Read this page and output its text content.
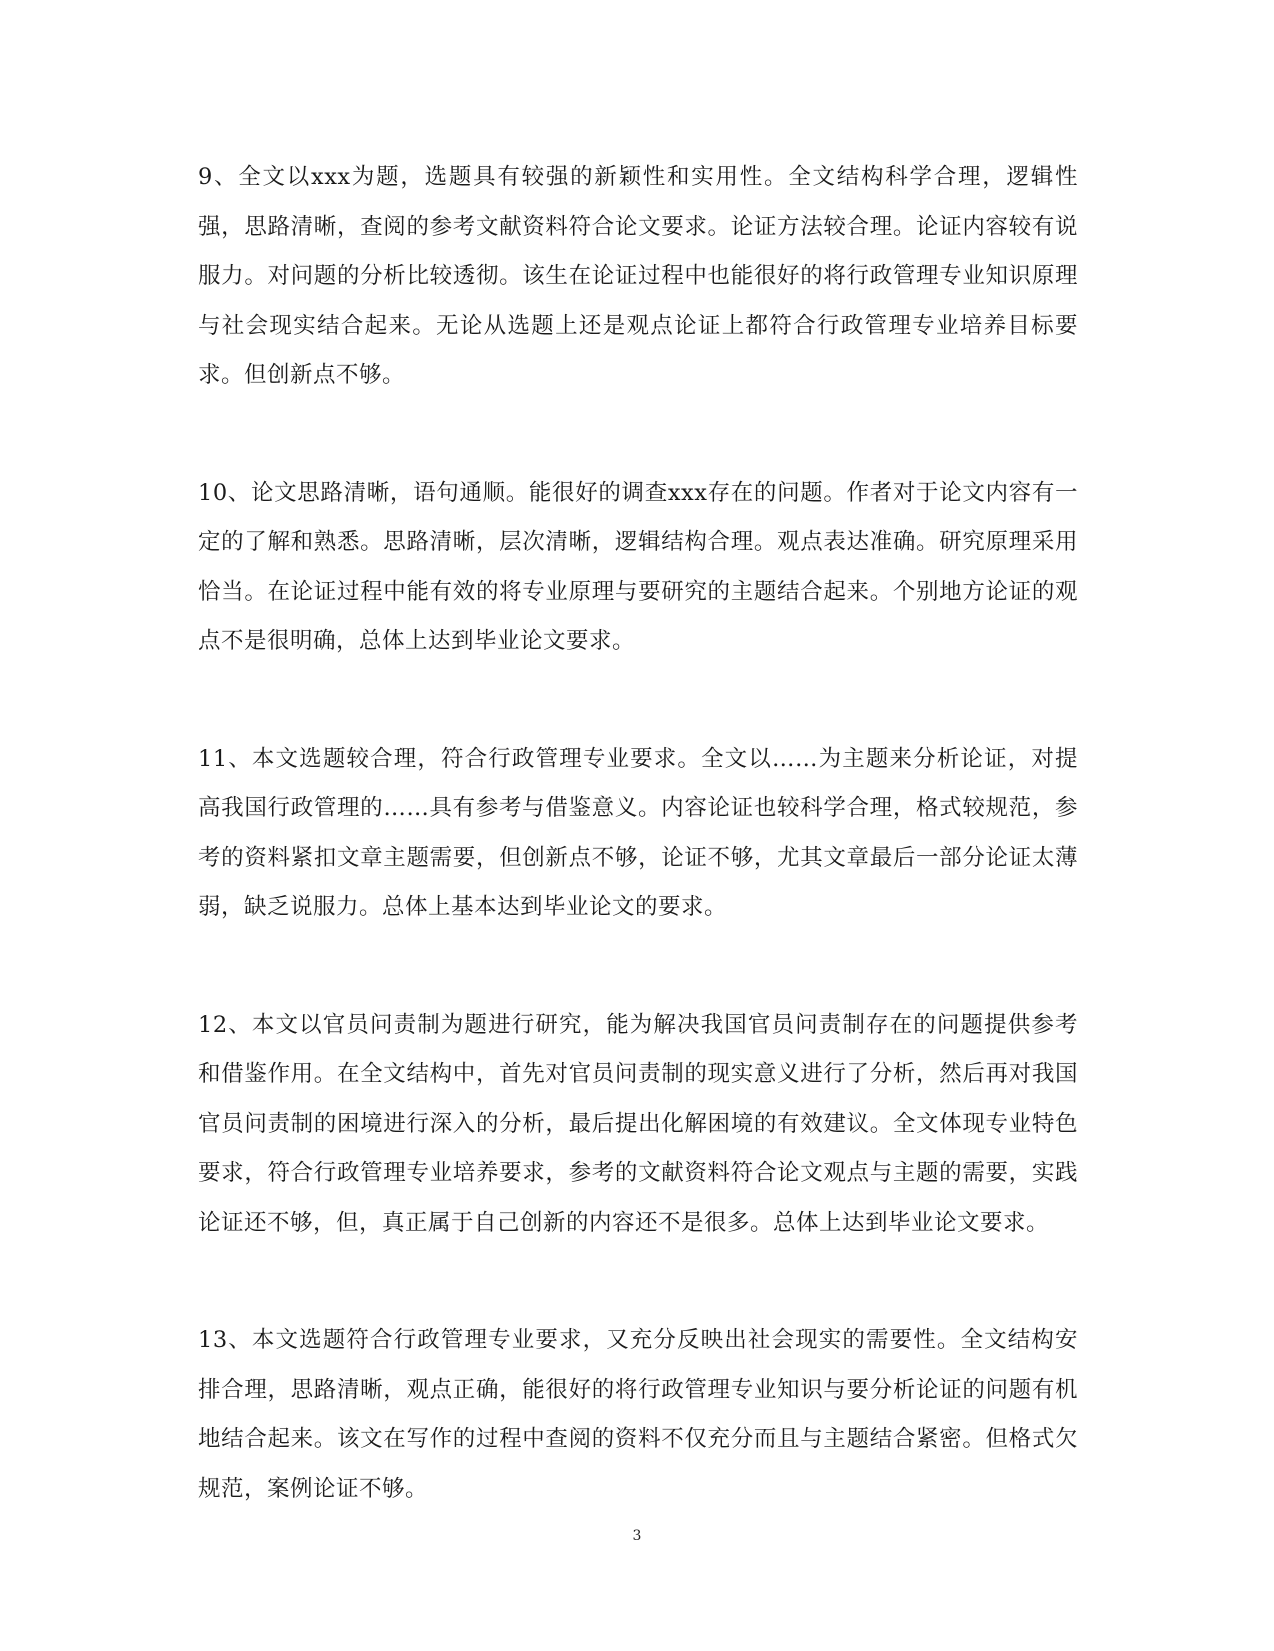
9、全文以xxx为题，选题具有较强的新颖性和实用性。全文结构科学合理，逻辑性强，思路清晰，查阅的参考文献资料符合论文要求。论证方法较合理。论证内容较有说服力。对问题的分析比较透彻。该生在论证过程中也能很好的将行政管理专业知识原理与社会现实结合起来。无论从选题上还是观点论证上都符合行政管理专业培养目标要求。但创新点不够。

10、论文思路清晰，语句通顺。能很好的调查xxx存在的问题。作者对于论文内容有一定的了解和熟悉。思路清晰，层次清晰，逻辑结构合理。观点表达准确。研究原理采用恰当。在论证过程中能有效的将专业原理与要研究的主题结合起来。个别地方论证的观点不是很明确，总体上达到毕业论文要求。

11、本文选题较合理，符合行政管理专业要求。全文以……为主题来分析论证，对提高我国行政管理的……具有参考与借鉴意义。内容论证也较科学合理，格式较规范，参考的资料紧扣文章主题需要，但创新点不够，论证不够，尤其文章最后一部分论证太薄弱，缺乏说服力。总体上基本达到毕业论文的要求。

12、本文以官员问责制为题进行研究，能为解决我国官员问责制存在的问题提供参考和借鉴作用。在全文结构中，首先对官员问责制的现实意义进行了分析，然后再对我国官员问责制的困境进行深入的分析，最后提出化解困境的有效建议。全文体现专业特色要求，符合行政管理专业培养要求，参考的文献资料符合论文观点与主题的需要，实践论证还不够，但，真正属于自己创新的内容还不是很多。总体上达到毕业论文要求。

13、本文选题符合行政管理专业要求，又充分反映出社会现实的需要性。全文结构安排合理，思路清晰，观点正确，能很好的将行政管理专业知识与要分析论证的问题有机地结合起来。该文在写作的过程中查阅的资料不仅充分而且与主题结合紧密。但格式欠规范，案例论证不够。

3
